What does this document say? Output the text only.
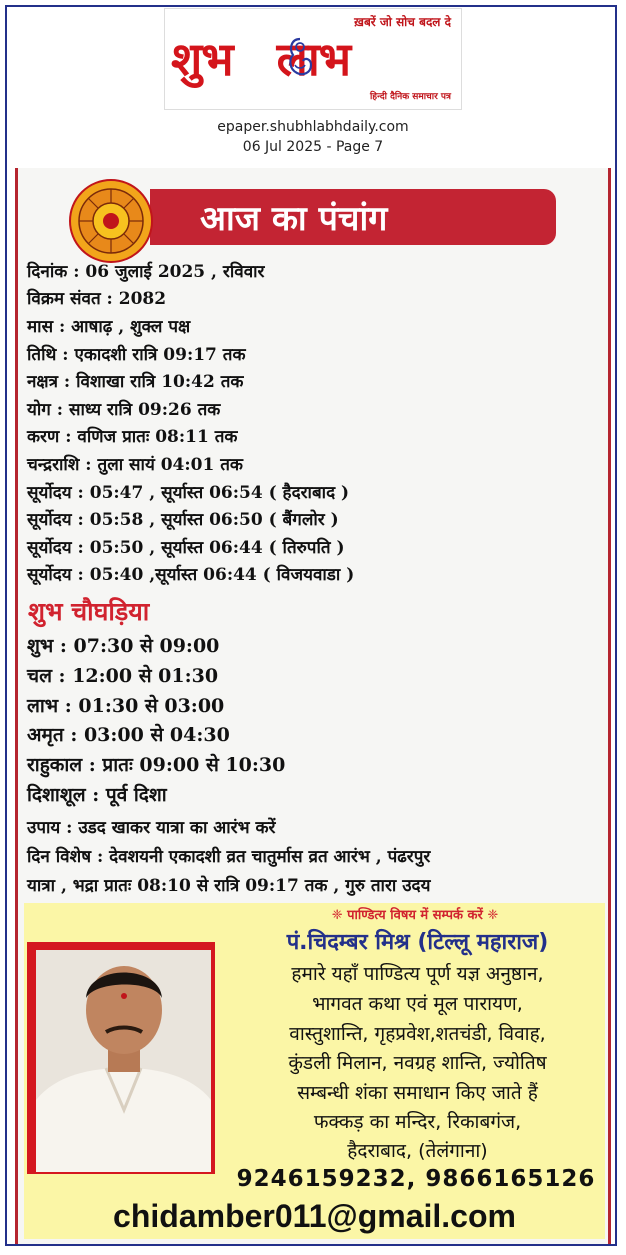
ख़बरें जो सोच बदल दे
शुभ लाभ
हिन्दी दैनिक समाचार पत्र
epaper.shubhlabhdaily.com
06 Jul 2025 - Page 7
आज का पंचांग
दिनांक : 06 जुलाई 2025 , रविवार
विक्रम संवत : 2082
मास : आषाढ़ , शुक्ल पक्ष
तिथि : एकादशी रात्रि 09:17 तक
नक्षत्र : विशाखा रात्रि 10:42 तक
योग : साध्य रात्रि 09:26 तक
करण : वणिज प्रातः 08:11 तक
चन्द्रराशि : तुला सायं 04:01 तक
सूर्योदय : 05:47 , सूर्यास्त 06:54 ( हैदराबाद )
सूर्योदय : 05:58 , सूर्यास्त 06:50 ( बैंगलोर )
सूर्योदय : 05:50 , सूर्यास्त 06:44 ( तिरुपति )
सूर्योदय : 05:40 ,सूर्यास्त 06:44 ( विजयवाडा )
शुभ चौघड़िया
शुभ : 07:30 से 09:00
चल : 12:00 से 01:30
लाभ : 01:30 से 03:00
अमृत : 03:00 से 04:30
राहुकाल : प्रातः 09:00 से 10:30
दिशाशूल : पूर्व दिशा
उपाय : उडद खाकर यात्रा का आरंभ करें
दिन विशेष : देवशयनी एकादशी व्रत चातुर्मास व्रत आरंभ , पंढरपुर
यात्रा , भद्रा प्रातः 08:10 से रात्रि 09:17 तक , गुरु तारा उदय
❈ पाण्डित्य विषय में सम्पर्क करें ❈
पं.चिदम्बर मिश्र (टिल्लू महाराज)
हमारे यहाँ पाण्डित्य पूर्ण यज्ञ अनुष्ठान,
भागवत कथा एवं मूल पारायण,
वास्तुशान्ति, गृहप्रवेश,शतचंडी, विवाह,
कुंडली मिलान, नवग्रह शान्ति, ज्योतिष
सम्बन्धी शंका समाधान किए जाते हैं
फक्कड़ का मन्दिर, रिकाबगंज,
हैदराबाद, (तेलंगाना)
9246159232, 9866165126
chidamber011@gmail.com
